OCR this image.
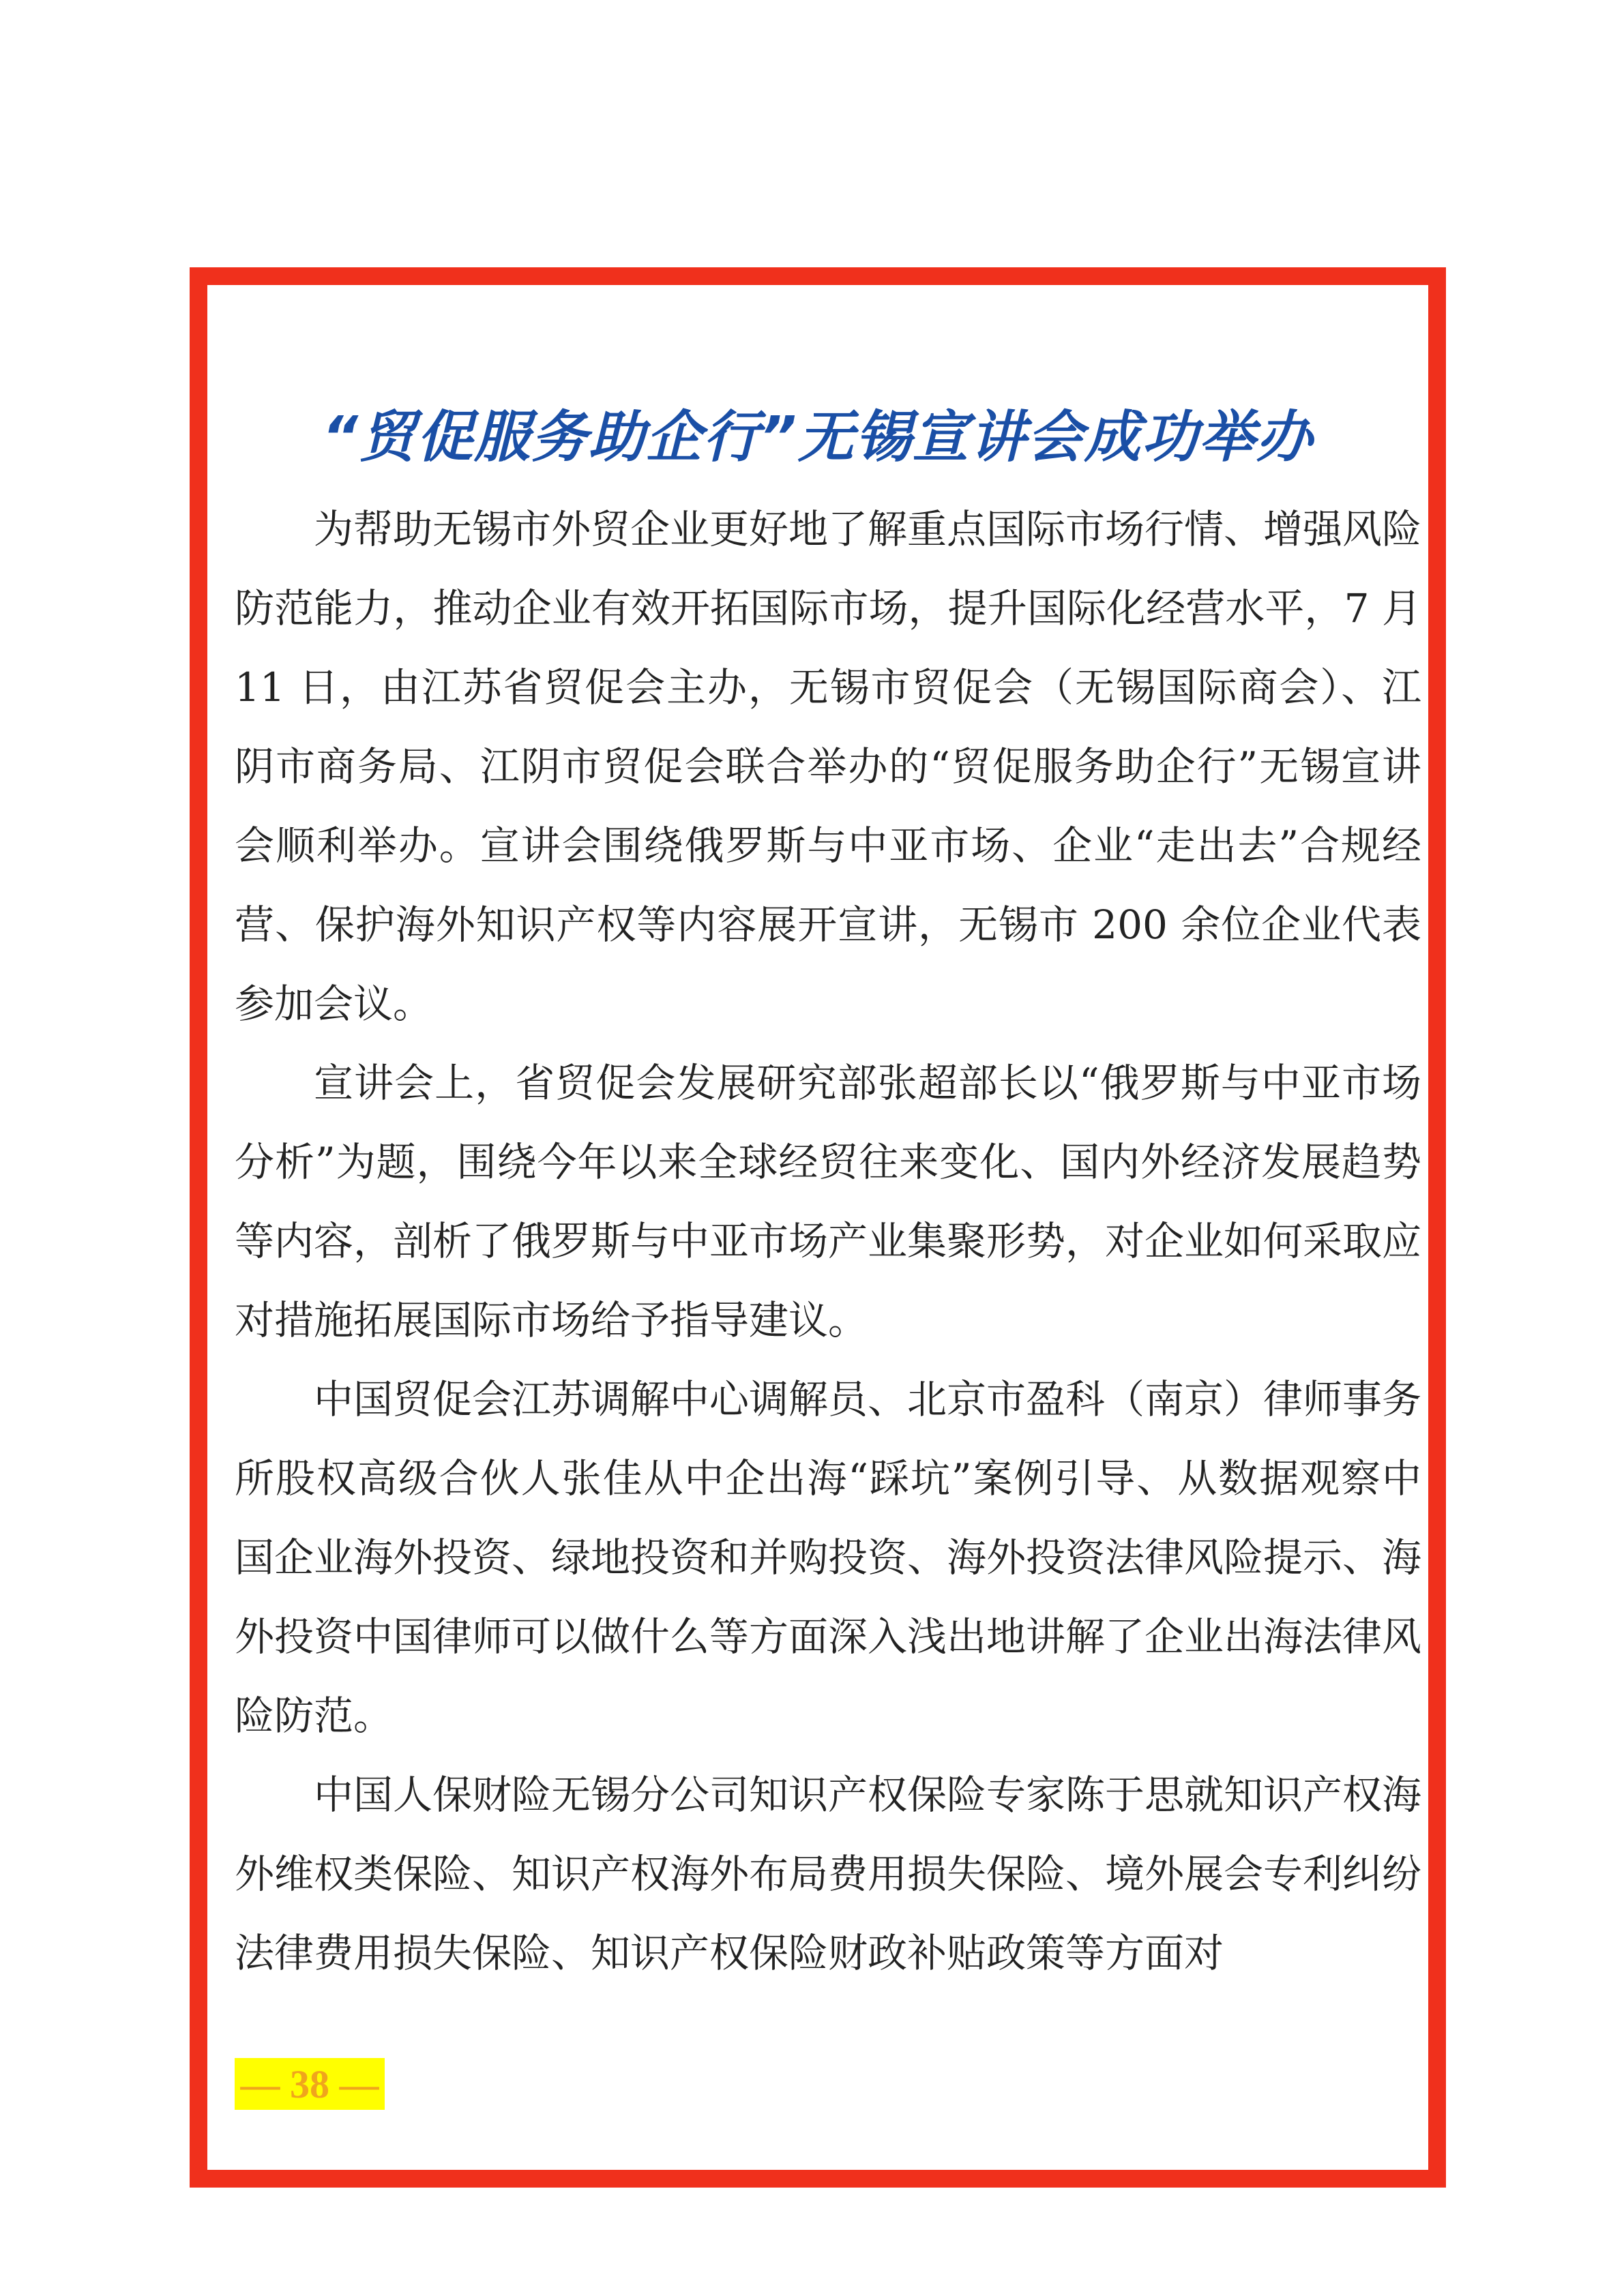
“贸促服务助企行”无锡宣讲会成功举办

为帮助无锡市外贸企业更好地了解重点国际市场行情、增强风险防范能力，推动企业有效开拓国际市场，提升国际化经营水平，7 月 11 日，由江苏省贸促会主办，无锡市贸促会（无锡国际商会）、江阴市商务局、江阴市贸促会联合举办的“贸促服务助企行”无锡宣讲会顺利举办。宣讲会围绕俄罗斯与中亚市场、企业“走出去”合规经营、保护海外知识产权等内容展开宣讲，无锡市 200 余位企业代表参加会议。

宣讲会上，省贸促会发展研究部张超部长以“俄罗斯与中亚市场分析”为题，围绕今年以来全球经贸往来变化、国内外经济发展趋势等内容，剖析了俄罗斯与中亚市场产业集聚形势，对企业如何采取应对措施拓展国际市场给予指导建议。

中国贸促会江苏调解中心调解员、北京市盈科（南京）律师事务所股权高级合伙人张佳从中企出海“踩坑”案例引导、从数据观察中国企业海外投资、绿地投资和并购投资、海外投资法律风险提示、海外投资中国律师可以做什么等方面深入浅出地讲解了企业出海法律风险防范。

中国人保财险无锡分公司知识产权保险专家陈于思就知识产权海外维权类保险、知识产权海外布局费用损失保险、境外展会专利纠纷法律费用损失保险、知识产权保险财政补贴政策等方面对

— 38 —
